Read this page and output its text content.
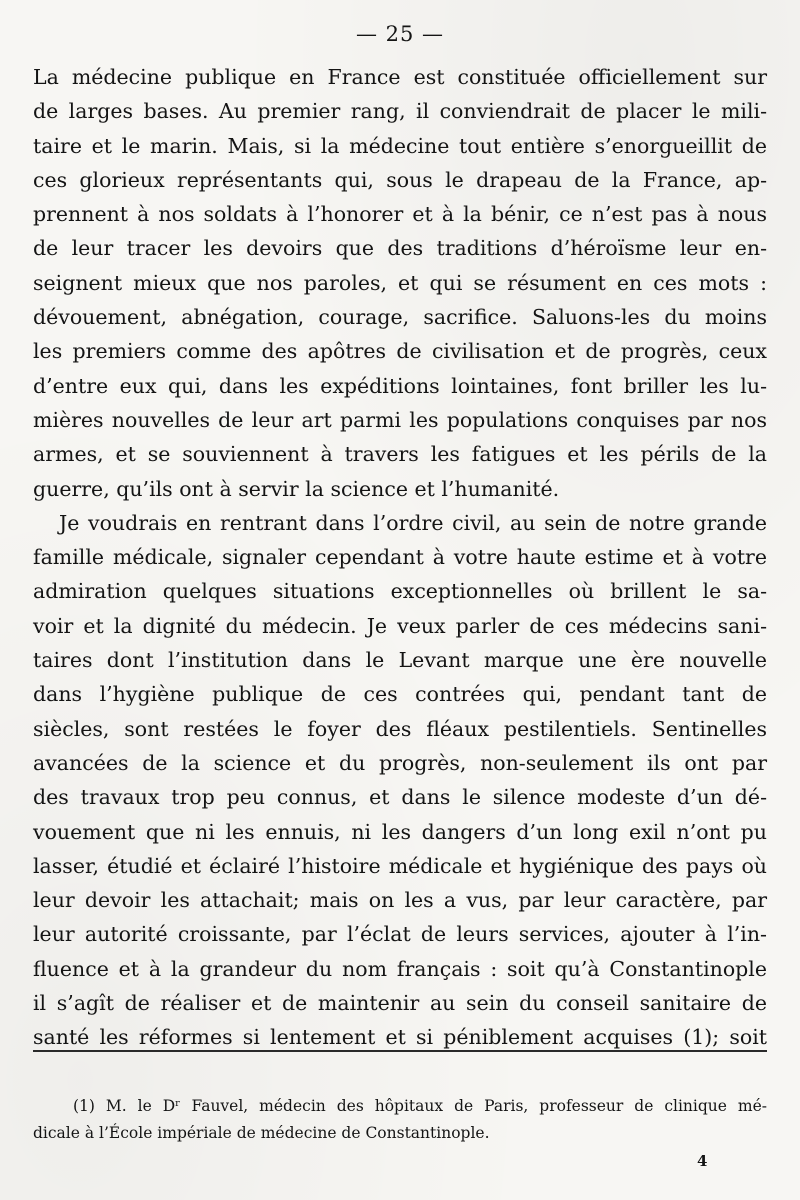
— 25 —
La médecine publique en France est constituée officiellement sur
de larges bases. Au premier rang, il conviendrait de placer le mili-
taire et le marin. Mais, si la médecine tout entière s’enorgueillit de
ces glorieux représentants qui, sous le drapeau de la France, ap-
prennent à nos soldats à l’honorer et à la bénir, ce n’est pas à nous
de leur tracer les devoirs que des traditions d’héroïsme leur en-
seignent mieux que nos paroles, et qui se résument en ces mots :
dévouement, abnégation, courage, sacrifice. Saluons-les du moins
les premiers comme des apôtres de civilisation et de progrès, ceux
d’entre eux qui, dans les expéditions lointaines, font briller les lu-
mières nouvelles de leur art parmi les populations conquises par nos
armes, et se souviennent à travers les fatigues et les périls de la
guerre, qu’ils ont à servir la science et l’humanité.
Je voudrais en rentrant dans l’ordre civil, au sein de notre grande
famille médicale, signaler cependant à votre haute estime et à votre
admiration quelques situations exceptionnelles où brillent le sa-
voir et la dignité du médecin. Je veux parler de ces médecins sani-
taires dont l’institution dans le Levant marque une ère nouvelle
dans l’hygiène publique de ces contrées qui, pendant tant de
siècles, sont restées le foyer des fléaux pestilentiels. Sentinelles
avancées de la science et du progrès, non-seulement ils ont par
des travaux trop peu connus, et dans le silence modeste d’un dé-
vouement que ni les ennuis, ni les dangers d’un long exil n’ont pu
lasser, étudié et éclairé l’histoire médicale et hygiénique des pays où
leur devoir les attachait; mais on les a vus, par leur caractère, par
leur autorité croissante, par l’éclat de leurs services, ajouter à l’in-
fluence et à la grandeur du nom français : soit qu’à Constantinople
il s’agît de réaliser et de maintenir au sein du conseil sanitaire de
santé les réformes si lentement et si péniblement acquises (1); soit
(1) M. le Dʳ Fauvel, médecin des hôpitaux de Paris, professeur de clinique mé-
dicale à l’École impériale de médecine de Constantinople.
4
